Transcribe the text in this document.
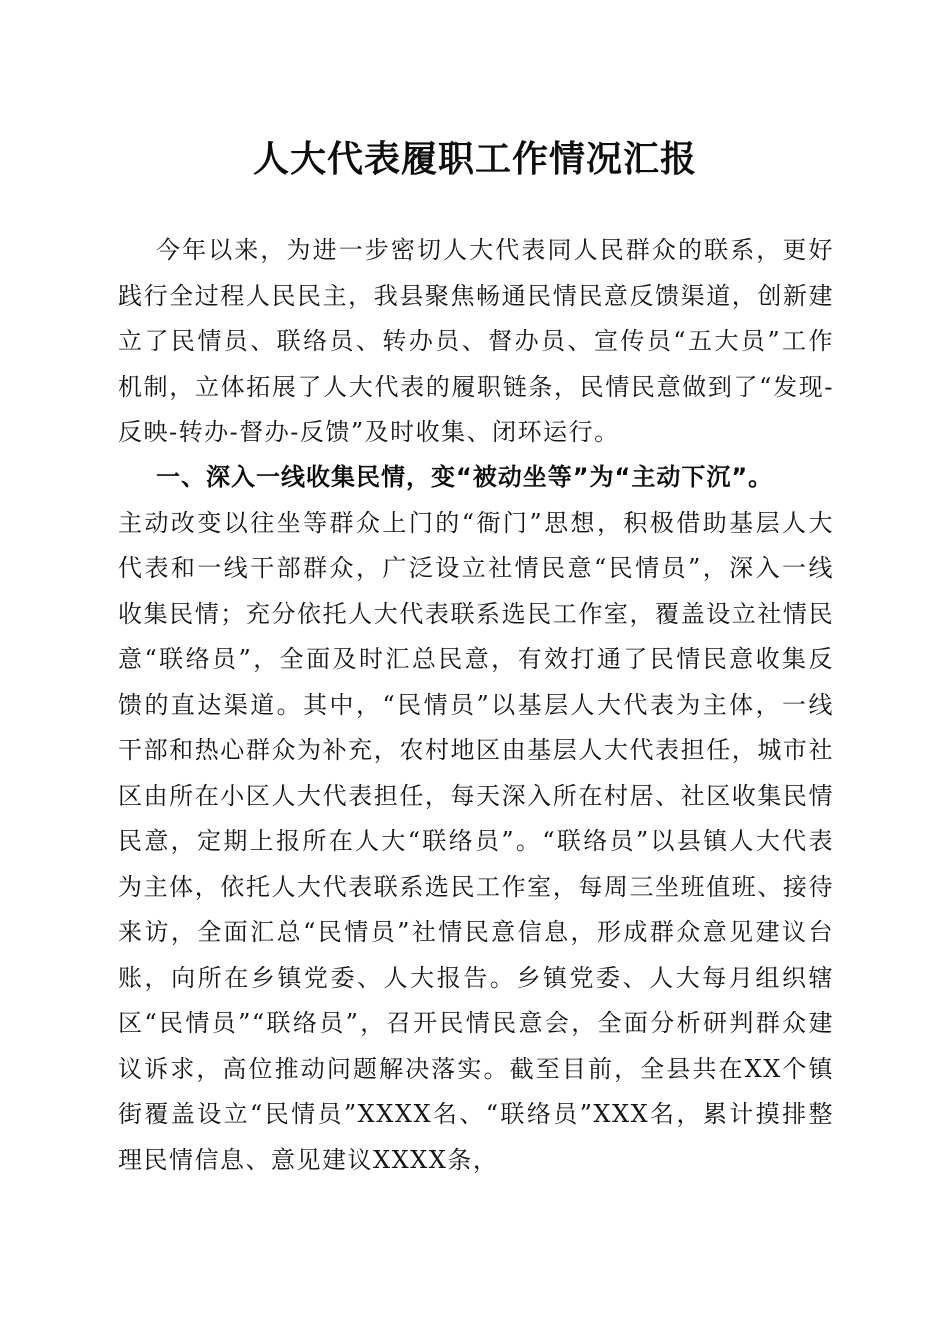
人大代表履职工作情况汇报

今年以来，为进一步密切人大代表同人民群众的联系，更好践行全过程人民民主，我县聚焦畅通民情民意反馈渠道，创新建立了民情员、联络员、转办员、督办员、宣传员“五大员”工作机制，立体拓展了人大代表的履职链条，民情民意做到了“发现-反映-转办-督办-反馈”及时收集、闭环运行。

一、深入一线收集民情，变“被动坐等”为“主动下沉”。
主动改变以往坐等群众上门的“衙门”思想，积极借助基层人大代表和一线干部群众，广泛设立社情民意“民情员”，深入一线收集民情；充分依托人大代表联系选民工作室，覆盖设立社情民意“联络员”，全面及时汇总民意，有效打通了民情民意收集反馈的直达渠道。其中，“民情员”以基层人大代表为主体，一线干部和热心群众为补充，农村地区由基层人大代表担任，城市社区由所在小区人大代表担任，每天深入所在村居、社区收集民情民意，定期上报所在人大“联络员”。“联络员”以县镇人大代表为主体，依托人大代表联系选民工作室，每周三坐班值班、接待来访，全面汇总“民情员”社情民意信息，形成群众意见建议台账，向所在乡镇党委、人大报告。乡镇党委、人大每月组织辖区“民情员”“联络员”，召开民情民意会，全面分析研判群众建议诉求，高位推动问题解决落实。截至目前，全县共在XX个镇街覆盖设立“民情员”XXXX名、“联络员”XXX名，累计摸排整理民情信息、意见建议XXXX条，
